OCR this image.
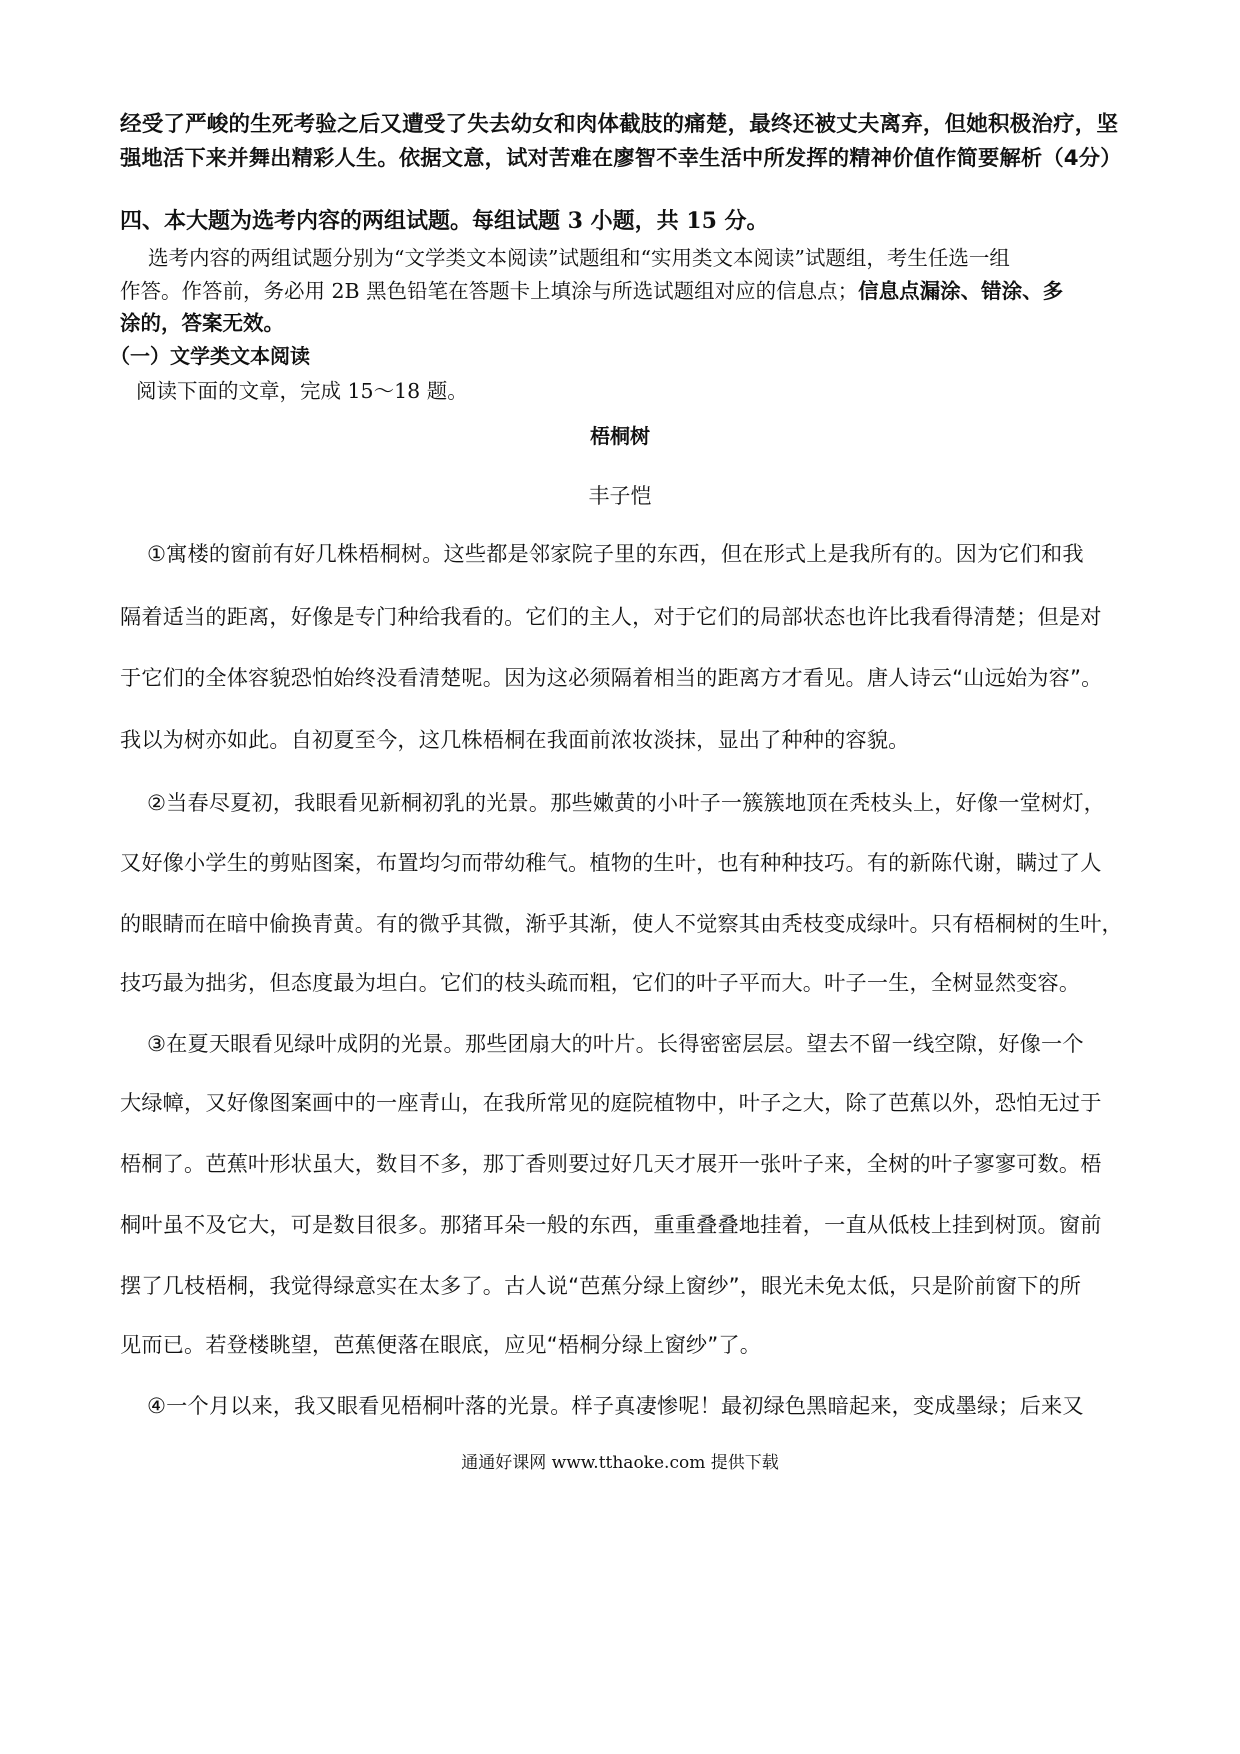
经受了严峻的生死考验之后又遭受了失去幼女和肉体截肢的痛楚，最终还被丈夫离弃，但她积极治疗，坚
强地活下来并舞出精彩人生。依据文意，试对苦难在廖智不幸生活中所发挥的精神价值作简要解析（4分）
四、本大题为选考内容的两组试题。每组试题 3 小题，共 15 分。
选考内容的两组试题分别为“文学类文本阅读”试题组和“实用类文本阅读”试题组，考生任选一组
作答。作答前，务必用 2B 黑色铅笔在答题卡上填涂与所选试题组对应的信息点；信息点漏涂、错涂、多
涂的，答案无效。
（一）文学类文本阅读
阅读下面的文章，完成 15～18 题。
梧桐树
丰子恺
①寓楼的窗前有好几株梧桐树。这些都是邻家院子里的东西，但在形式上是我所有的。因为它们和我
隔着适当的距离，好像是专门种给我看的。它们的主人，对于它们的局部状态也许比我看得清楚；但是对
于它们的全体容貌恐怕始终没看清楚呢。因为这必须隔着相当的距离方才看见。唐人诗云“山远始为容”。
我以为树亦如此。自初夏至今，这几株梧桐在我面前浓妆淡抹，显出了种种的容貌。
②当春尽夏初，我眼看见新桐初乳的光景。那些嫩黄的小叶子一簇簇地顶在秃枝头上，好像一堂树灯，
又好像小学生的剪贴图案，布置均匀而带幼稚气。植物的生叶，也有种种技巧。有的新陈代谢，瞒过了人
的眼睛而在暗中偷换青黄。有的微乎其微，渐乎其渐，使人不觉察其由秃枝变成绿叶。只有梧桐树的生叶，
技巧最为拙劣，但态度最为坦白。它们的枝头疏而粗，它们的叶子平而大。叶子一生，全树显然变容。
③在夏天眼看见绿叶成阴的光景。那些团扇大的叶片。长得密密层层。望去不留一线空隙，好像一个
大绿幛，又好像图案画中的一座青山，在我所常见的庭院植物中，叶子之大，除了芭蕉以外，恐怕无过于
梧桐了。芭蕉叶形状虽大，数目不多，那丁香则要过好几天才展开一张叶子来，全树的叶子寥寥可数。梧
桐叶虽不及它大，可是数目很多。那猪耳朵一般的东西，重重叠叠地挂着，一直从低枝上挂到树顶。窗前
摆了几枝梧桐，我觉得绿意实在太多了。古人说“芭蕉分绿上窗纱”，眼光未免太低，只是阶前窗下的所
见而已。若登楼眺望，芭蕉便落在眼底，应见“梧桐分绿上窗纱”了。
④一个月以来，我又眼看见梧桐叶落的光景。样子真凄惨呢！最初绿色黑暗起来，变成墨绿；后来又
通通好课网 www.tthaoke.com 提供下载
